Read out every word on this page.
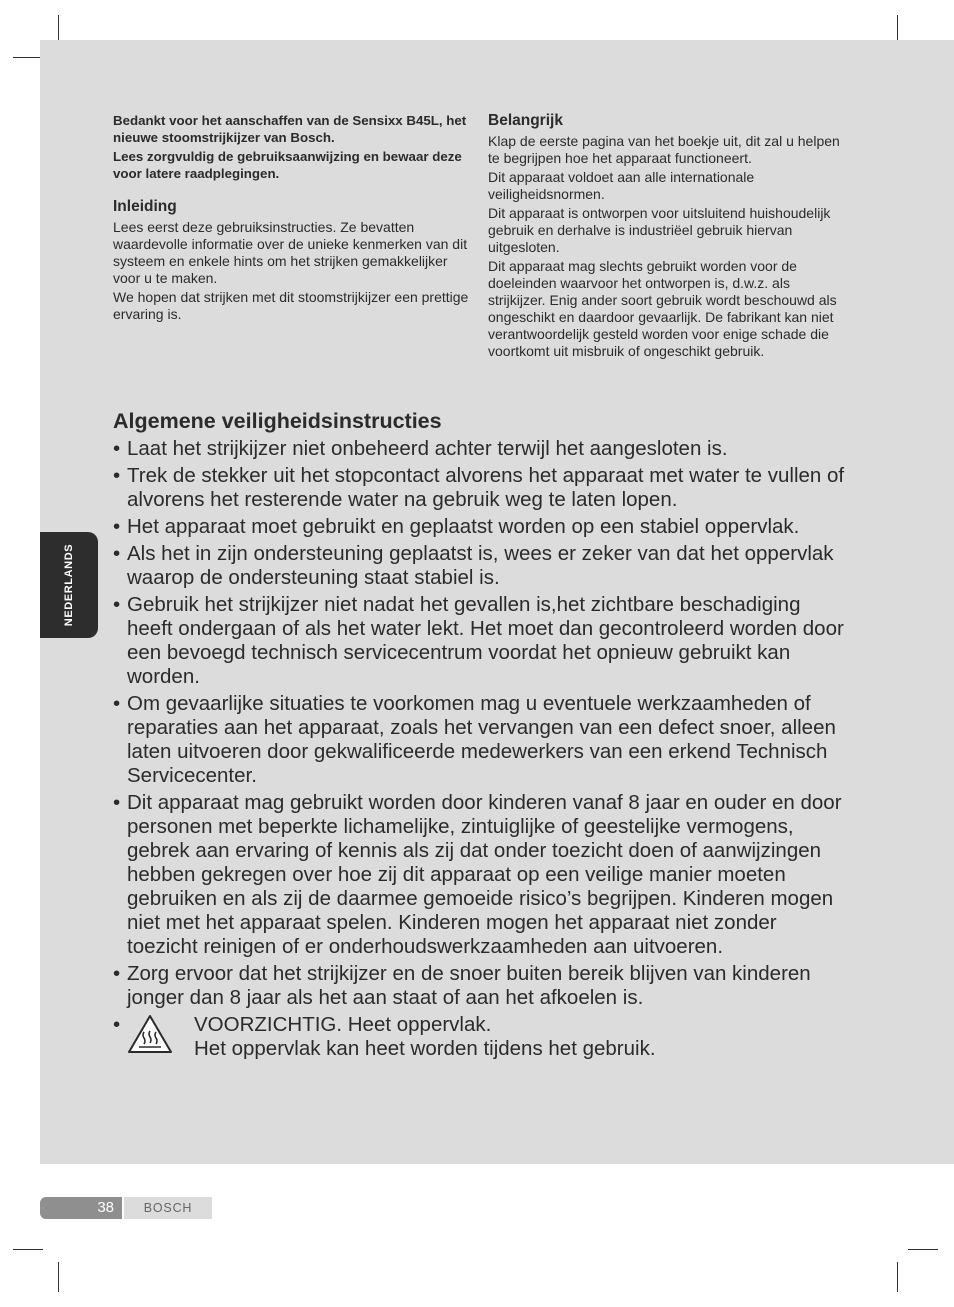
NEDERLANDS

Bedankt voor het aanschaffen van de Sensixx B45L, het nieuwe stoomstrijkijzer van Bosch.

Lees zorgvuldig de gebruiksaanwijzing en bewaar deze voor latere raadplegingen.

Inleiding

Lees eerst deze gebruiksinstructies. Ze bevatten waardevolle informatie over de unieke kenmerken van dit systeem en enkele hints om het strijken gemakkelijker voor u te maken.

We hopen dat strijken met dit stoomstrijkijzer een prettige ervaring is.

Belangrijk

Klap de eerste pagina van het boekje uit, dit zal u helpen te begrijpen hoe het apparaat functioneert.

Dit apparaat voldoet aan alle internationale veiligheidsnormen.

Dit apparaat is ontworpen voor uitsluitend huishoudelijk gebruik en derhalve is industriëel gebruik hiervan uitgesloten.

Dit apparaat mag slechts gebruikt worden voor de doeleinden waarvoor het ontworpen is, d.w.z. als strijkijzer. Enig ander soort gebruik wordt beschouwd als ongeschikt en daardoor gevaarlijk. De fabrikant kan niet verantwoordelijk gesteld worden voor enige schade die voortkomt uit misbruik of ongeschikt gebruik.

Algemene veiligheidsinstructies
• Laat het strijkijzer niet onbeheerd achter terwijl het aangesloten is.
• Trek de stekker uit het stopcontact alvorens het apparaat met water te vullen of alvorens het resterende water na gebruik weg te laten lopen.
• Het apparaat moet gebruikt en geplaatst worden op een stabiel oppervlak.
• Als het in zijn ondersteuning geplaatst is, wees er zeker van dat het oppervlak waarop de ondersteuning staat stabiel is.
• Gebruik het strijkijzer niet nadat het gevallen is,het zichtbare beschadiging heeft ondergaan of als het water lekt. Het moet dan gecontroleerd worden door een bevoegd technisch servicecentrum voordat het opnieuw gebruikt kan worden.
• Om gevaarlijke situaties te voorkomen mag u eventuele werkzaamheden of reparaties aan het apparaat, zoals het vervangen van een defect snoer, alleen laten uitvoeren door gekwalificeerde medewerkers van een erkend Technisch Servicecenter.
• Dit apparaat mag gebruikt worden door kinderen vanaf 8 jaar en ouder en door personen met beperkte lichamelijke, zintuiglijke of geestelijke vermogens, gebrek aan ervaring of kennis als zij dat onder toezicht doen of aanwijzingen hebben gekregen over hoe zij dit apparaat op een veilige manier moeten gebruiken en als zij de daarmee gemoeide risico’s begrijpen. Kinderen mogen niet met het apparaat spelen. Kinderen mogen het apparaat niet zonder toezicht reinigen of er onderhoudswerkzaamheden aan uitvoeren.
• Zorg ervoor dat het strijkijzer en de snoer buiten bereik blijven van kinderen jonger dan 8 jaar als het aan staat of aan het afkoelen is.
•	VOORZICHTIG. Heet oppervlak.
Het oppervlak kan heet worden tijdens het gebruik.
38	BOSCH
